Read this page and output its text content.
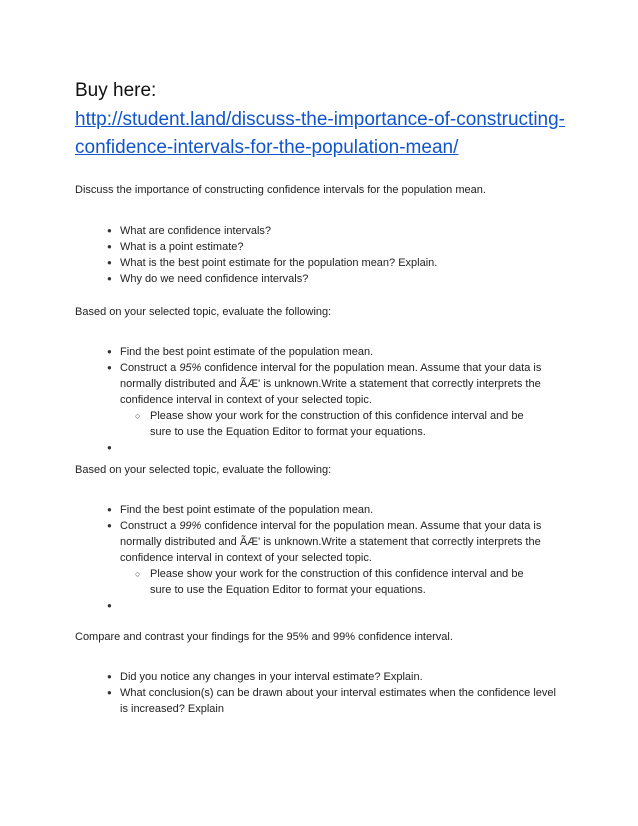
Buy here:
http://student.land/discuss-the-importance-of-constructing-confidence-intervals-for-the-population-mean/
Discuss the importance of constructing confidence intervals for the population mean.
● What are confidence intervals?
● What is a point estimate?
● What is the best point estimate for the population mean? Explain.
● Why do we need confidence intervals?
Based on your selected topic, evaluate the following:
● Find the best point estimate of the population mean.
● Construct a 95% confidence interval for the population mean. Assume that your data is normally distributed and ÃÆ' is unknown.Write a statement that correctly interprets the confidence interval in context of your selected topic.
○ Please show your work for the construction of this confidence interval and be sure to use the Equation Editor to format your equations.
●
Based on your selected topic, evaluate the following:
● Find the best point estimate of the population mean.
● Construct a 99% confidence interval for the population mean. Assume that your data is normally distributed and ÃÆ' is unknown.Write a statement that correctly interprets the confidence interval in context of your selected topic.
○ Please show your work for the construction of this confidence interval and be sure to use the Equation Editor to format your equations.
●
Compare and contrast your findings for the 95% and 99% confidence interval.
● Did you notice any changes in your interval estimate? Explain.
● What conclusion(s) can be drawn about your interval estimates when the confidence level is increased? Explain
